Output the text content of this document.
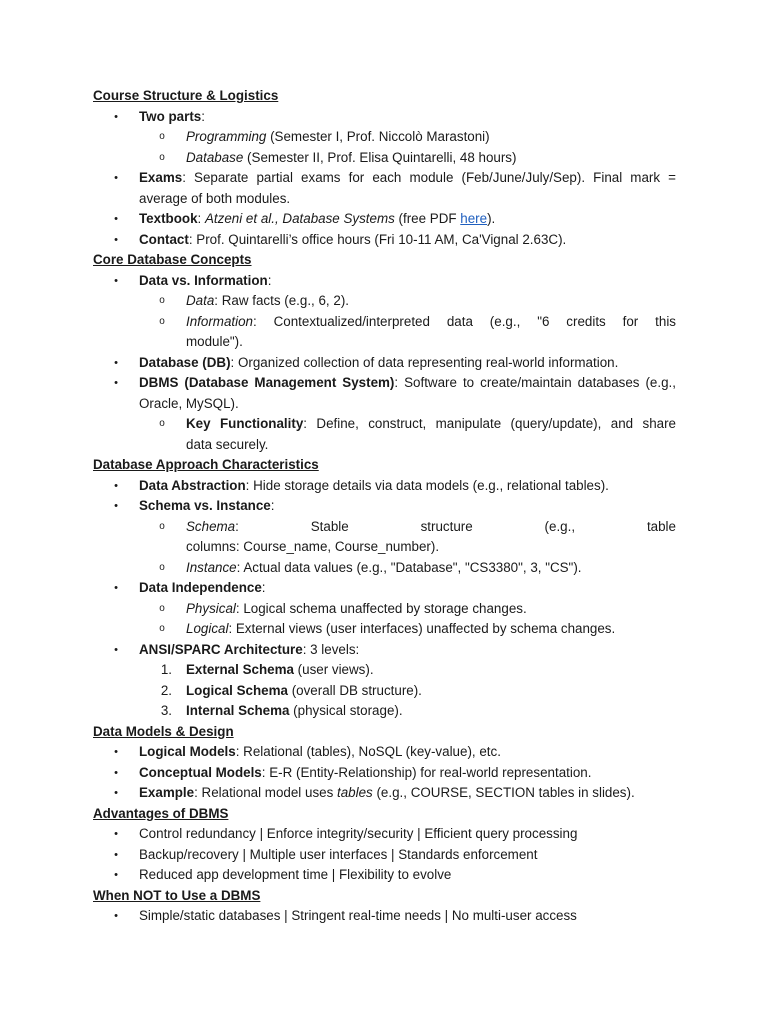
Course Structure & Logistics
•	Two parts:
o	Programming (Semester I, Prof. Niccolò Marastoni)
o	Database (Semester II, Prof. Elisa Quintarelli, 48 hours)
•	Exams: Separate partial exams for each module (Feb/June/July/Sep). Final mark =
average of both modules.
•	Textbook: Atzeni et al., Database Systems (free PDF here).
•	Contact: Prof. Quintarelli’s office hours (Fri 10-11 AM, Ca'Vignal 2.63C).
Core Database Concepts
•	Data vs. Information:
o	Data: Raw facts (e.g., 6, 2).
o	Information: Contextualized/interpreted data (e.g., "6 credits for this
module").
•	Database (DB): Organized collection of data representing real-world information.
•	DBMS (Database Management System): Software to create/maintain databases (e.g.,
Oracle, MySQL).
o	Key Functionality: Define, construct, manipulate (query/update), and share
data securely.
Database Approach Characteristics
•	Data Abstraction: Hide storage details via data models (e.g., relational tables).
•	Schema vs. Instance:
o	Schema:	Stable	structure	(e.g.,	table
columns: Course_name, Course_number).
o	Instance: Actual data values (e.g., "Database", "CS3380", 3, "CS").
•	Data Independence:
o	Physical: Logical schema unaffected by storage changes.
o	Logical: External views (user interfaces) unaffected by schema changes.
•	ANSI/SPARC Architecture: 3 levels:
1.	External Schema (user views).
2.	Logical Schema (overall DB structure).
3.	Internal Schema (physical storage).
Data Models & Design
•	Logical Models: Relational (tables), NoSQL (key-value), etc.
•	Conceptual Models: E-R (Entity-Relationship) for real-world representation.
•	Example: Relational model uses tables (e.g., COURSE, SECTION tables in slides).
Advantages of DBMS
•	Control redundancy | Enforce integrity/security | Efficient query processing
•	Backup/recovery | Multiple user interfaces | Standards enforcement
•	Reduced app development time | Flexibility to evolve
When NOT to Use a DBMS
•	Simple/static databases | Stringent real-time needs | No multi-user access
